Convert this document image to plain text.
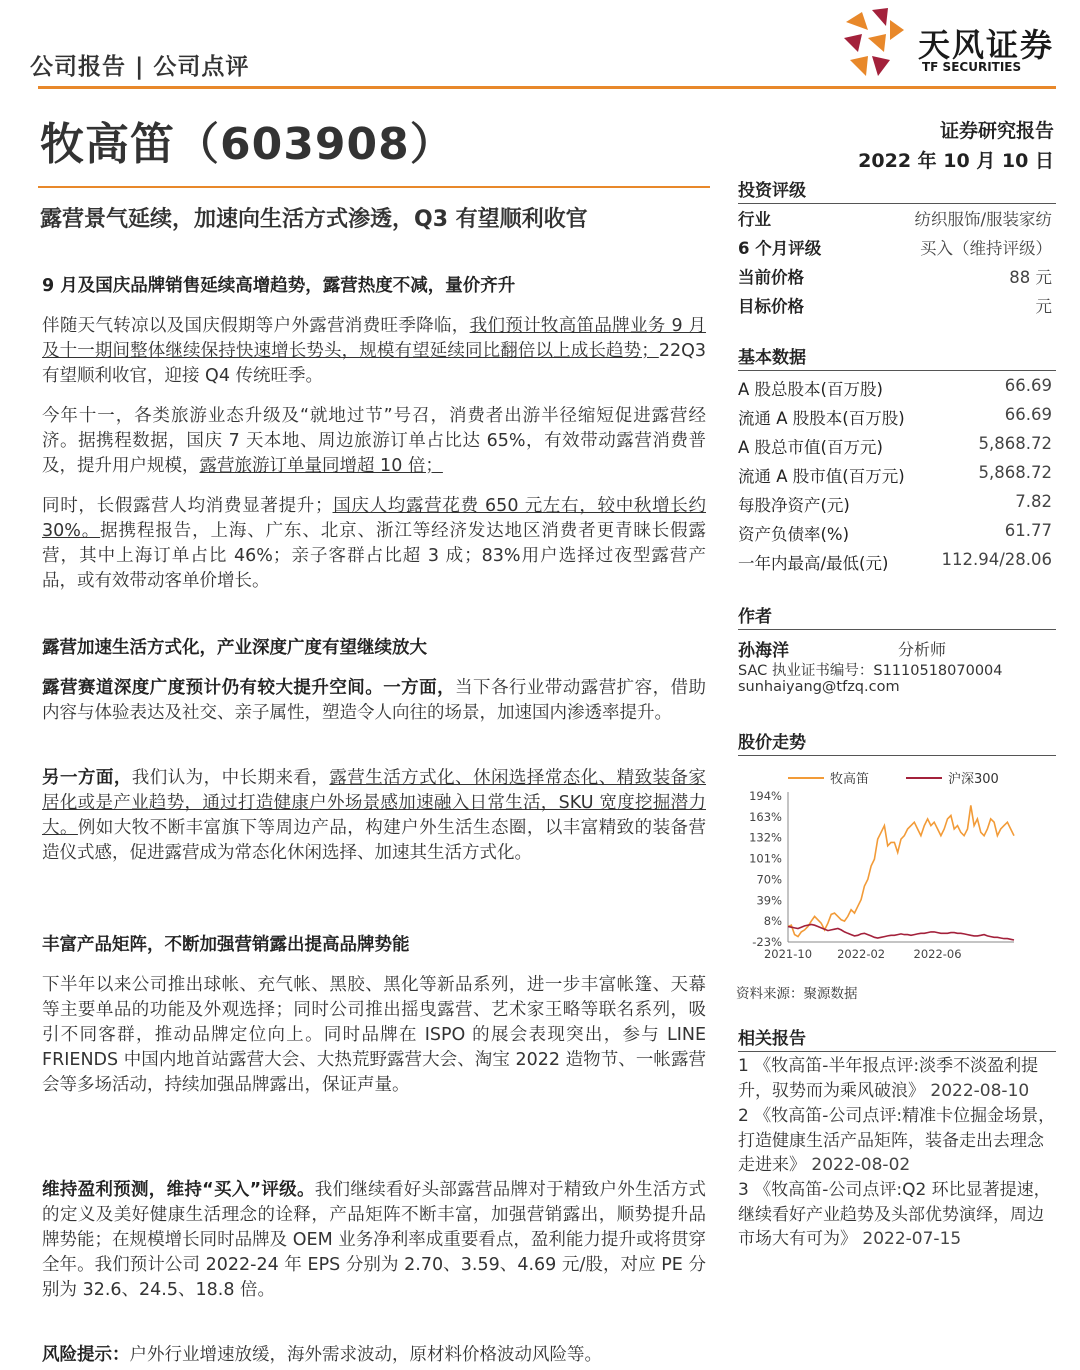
公司报告 | 公司点评
天风证券
TF SECURITIES
牧高笛（603908）	证券研究报告
2022 年 10 月 10 日
露营景气延续，加速向生活方式渗透，Q3 有望顺利收官
9 月及国庆品牌销售延续高增趋势，露营热度不减，量价齐升
伴随天气转凉以及国庆假期等户外露营消费旺季降临，我们预计牧高笛品牌业务 9 月及十一期间整体继续保持快速增长势头，规模有望延续同比翻倍以上成长趋势；22Q3 有望顺利收官，迎接 Q4 传统旺季。
今年十一，各类旅游业态升级及“就地过节”号召，消费者出游半径缩短促进露营经济。据携程数据，国庆 7 天本地、周边旅游订单占比达 65%，有效带动露营消费普及，提升用户规模，露营旅游订单量同增超 10 倍；
同时，长假露营人均消费显著提升；国庆人均露营花费 650 元左右，较中秋增长约 30%。据携程报告，上海、广东、北京、浙江等经济发达地区消费者更青睐长假露营，其中上海订单占比 46%；亲子客群占比超 3 成；83%用户选择过夜型露营产品，或有效带动客单价增长。
露营加速生活方式化，产业深度广度有望继续放大
露营赛道深度广度预计仍有较大提升空间。一方面，当下各行业带动露营扩容，借助内容与体验表达及社交、亲子属性，塑造令人向往的场景，加速国内渗透率提升。
另一方面，我们认为，中长期来看，露营生活方式化、休闲选择常态化、精致装备家居化或是产业趋势，通过打造健康户外场景感加速融入日常生活，SKU 宽度挖掘潜力大。例如大牧不断丰富旗下等周边产品，构建户外生活生态圈，以丰富精致的装备营造仪式感，促进露营成为常态化休闲选择、加速其生活方式化。
丰富产品矩阵，不断加强营销露出提高品牌势能
下半年以来公司推出球帐、充气帐、黑胶、黑化等新品系列，进一步丰富帐篷、天幕等主要单品的功能及外观选择；同时公司推出摇曳露营、艺术家王略等联名系列，吸引不同客群，推动品牌定位向上。同时品牌在 ISPO 的展会表现突出，参与 LINE FRIENDS 中国内地首站露营大会、大热荒野露营大会、淘宝 2022 造物节、一帐露营会等多场活动，持续加强品牌露出，保证声量。
维持盈利预测，维持“买入”评级。我们继续看好头部露营品牌对于精致户外生活方式的定义及美好健康生活理念的诠释，产品矩阵不断丰富，加强营销露出，顺势提升品牌势能；在规模增长同时品牌及 OEM 业务净利率成重要看点，盈利能力提升或将贯穿全年。我们预计公司 2022-24 年 EPS 分别为 2.70、3.59、4.69 元/股，对应 PE 分别为 32.6、24.5、18.8 倍。
风险提示：户外行业增速放缓，海外需求波动，原材料价格波动风险等。
投资评级
行业	纺织服饰/服装家纺
6 个月评级	买入（维持评级）
当前价格	88 元
目标价格	元
基本数据
A 股总股本(百万股)	66.69
流通 A 股股本(百万股)	66.69
A 股总市值(百万元)	5,868.72
流通 A 股市值(百万元)	5,868.72
每股净资产(元)	7.82
资产负债率(%)	61.77
一年内最高/最低(元)	112.94/28.06
作者
孙海洋	分析师
SAC 执业证书编号：S1110518070004
sunhaiyang@tfzq.com
股价走势
牧高笛	沪深300
194%
163%
132%
101%
70%
39%
8%
-23%
2021-10 2022-02 2022-06
资料来源：聚源数据
相关报告
1 《牧高笛-半年报点评:淡季不淡盈利提升，驭势而为乘风破浪》 2022-08-10
2 《牧高笛-公司点评:精准卡位掘金场景，打造健康生活产品矩阵，装备走出去理念走进来》 2022-08-02
3 《牧高笛-公司点评:Q2 环比显著提速，继续看好产业趋势及头部优势演绎，周边市场大有可为》 2022-07-15
